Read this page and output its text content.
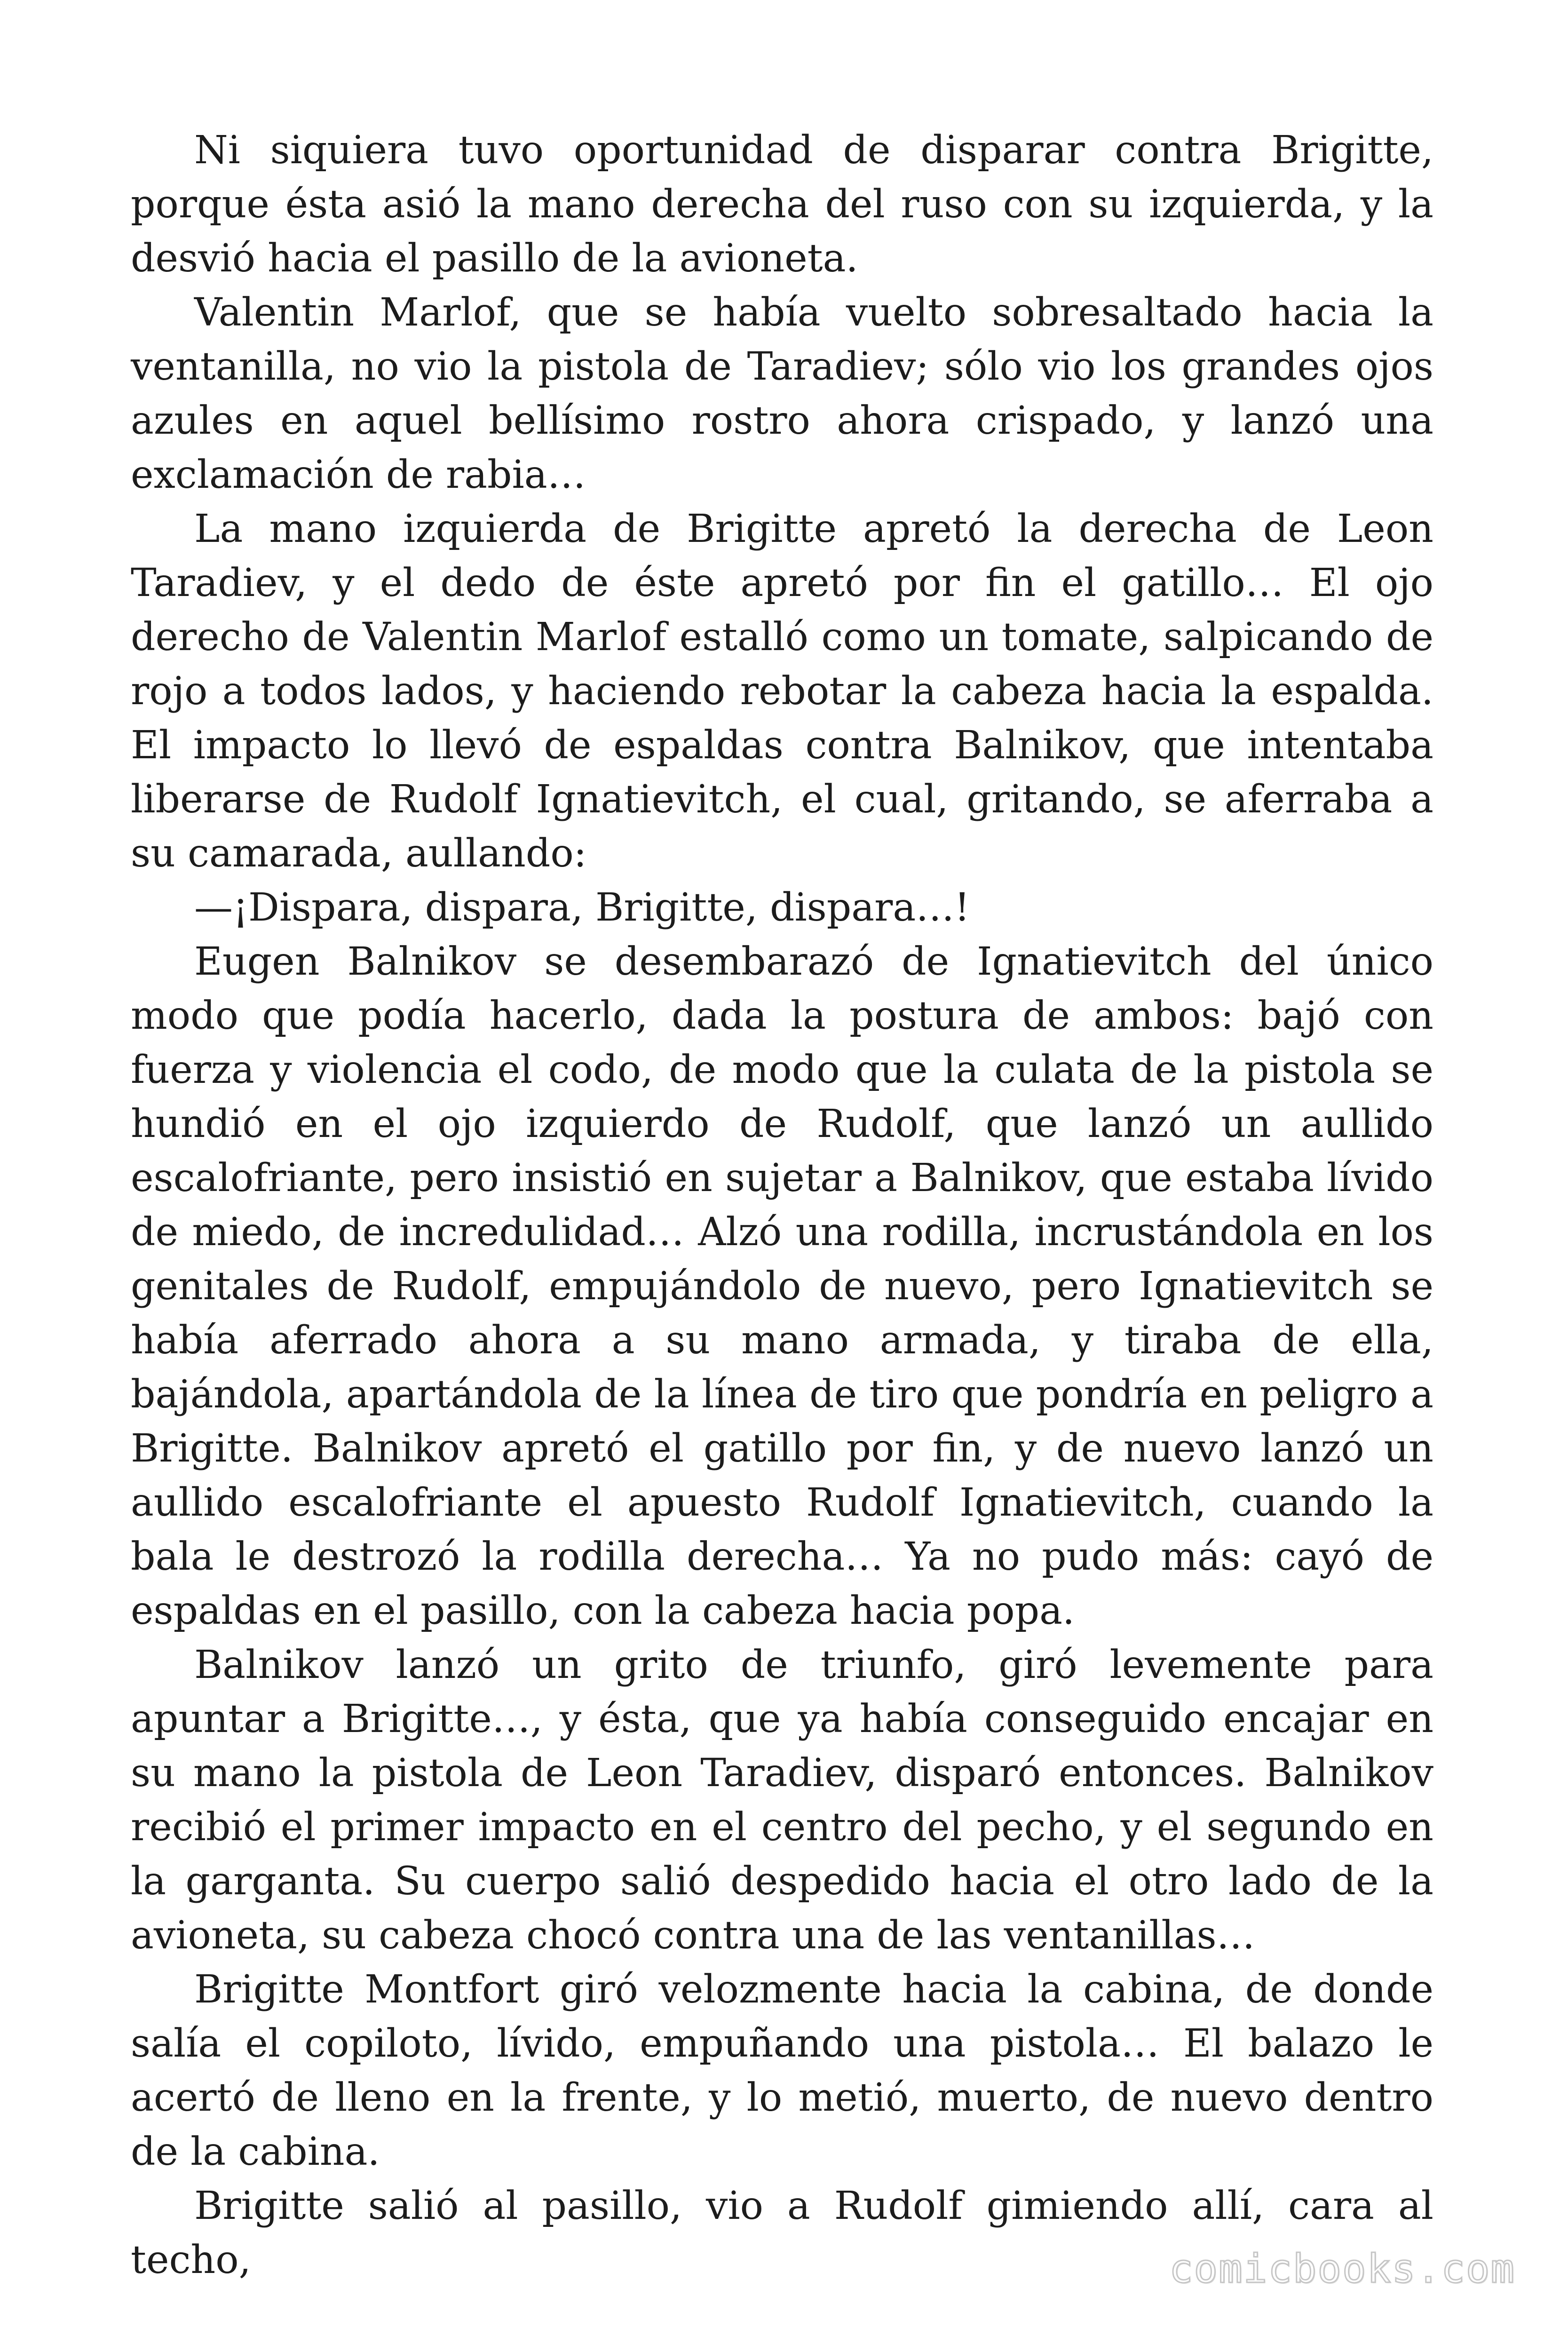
Ni siquiera tuvo oportunidad de disparar contra Brigitte, porque ésta asió la mano derecha del ruso con su izquierda, y la desvió hacia el pasillo de la avioneta.

Valentin Marlof, que se había vuelto sobresaltado hacia la ventanilla, no vio la pistola de Taradiev; sólo vio los grandes ojos azules en aquel bellísimo rostro ahora crispado, y lanzó una exclamación de rabia…

La mano izquierda de Brigitte apretó la derecha de Leon Taradiev, y el dedo de éste apretó por fin el gatillo… El ojo derecho de Valentin Marlof estalló como un tomate, salpicando de rojo a todos lados, y haciendo rebotar la cabeza hacia la espalda. El impacto lo llevó de espaldas contra Balnikov, que intentaba liberarse de Rudolf Ignatievitch, el cual, gritando, se aferraba a su camarada, aullando:

—¡Dispara, dispara, Brigitte, dispara…!

Eugen Balnikov se desembarazó de Ignatievitch del único modo que podía hacerlo, dada la postura de ambos: bajó con fuerza y violencia el codo, de modo que la culata de la pistola se hundió en el ojo izquierdo de Rudolf, que lanzó un aullido escalofriante, pero insistió en sujetar a Balnikov, que estaba lívido de miedo, de incredulidad… Alzó una rodilla, incrustándola en los genitales de Rudolf, empujándolo de nuevo, pero Ignatievitch se había aferrado ahora a su mano armada, y tiraba de ella, bajándola, apartándola de la línea de tiro que pondría en peligro a Brigitte. Balnikov apretó el gatillo por fin, y de nuevo lanzó un aullido escalofriante el apuesto Rudolf Ignatievitch, cuando la bala le destrozó la rodilla derecha… Ya no pudo más: cayó de espaldas en el pasillo, con la cabeza hacia popa.

Balnikov lanzó un grito de triunfo, giró levemente para apuntar a Brigitte…, y ésta, que ya había conseguido encajar en su mano la pistola de Leon Taradiev, disparó entonces. Balnikov recibió el primer impacto en el centro del pecho, y el segundo en la garganta. Su cuerpo salió despedido hacia el otro lado de la avioneta, su cabeza chocó contra una de las ventanillas…

Brigitte Montfort giró velozmente hacia la cabina, de donde salía el copiloto, lívido, empuñando una pistola… El balazo le acertó de lleno en la frente, y lo metió, muerto, de nuevo dentro de la cabina.

Brigitte salió al pasillo, vio a Rudolf gimiendo allí, cara al techo,	comicbooks.com
